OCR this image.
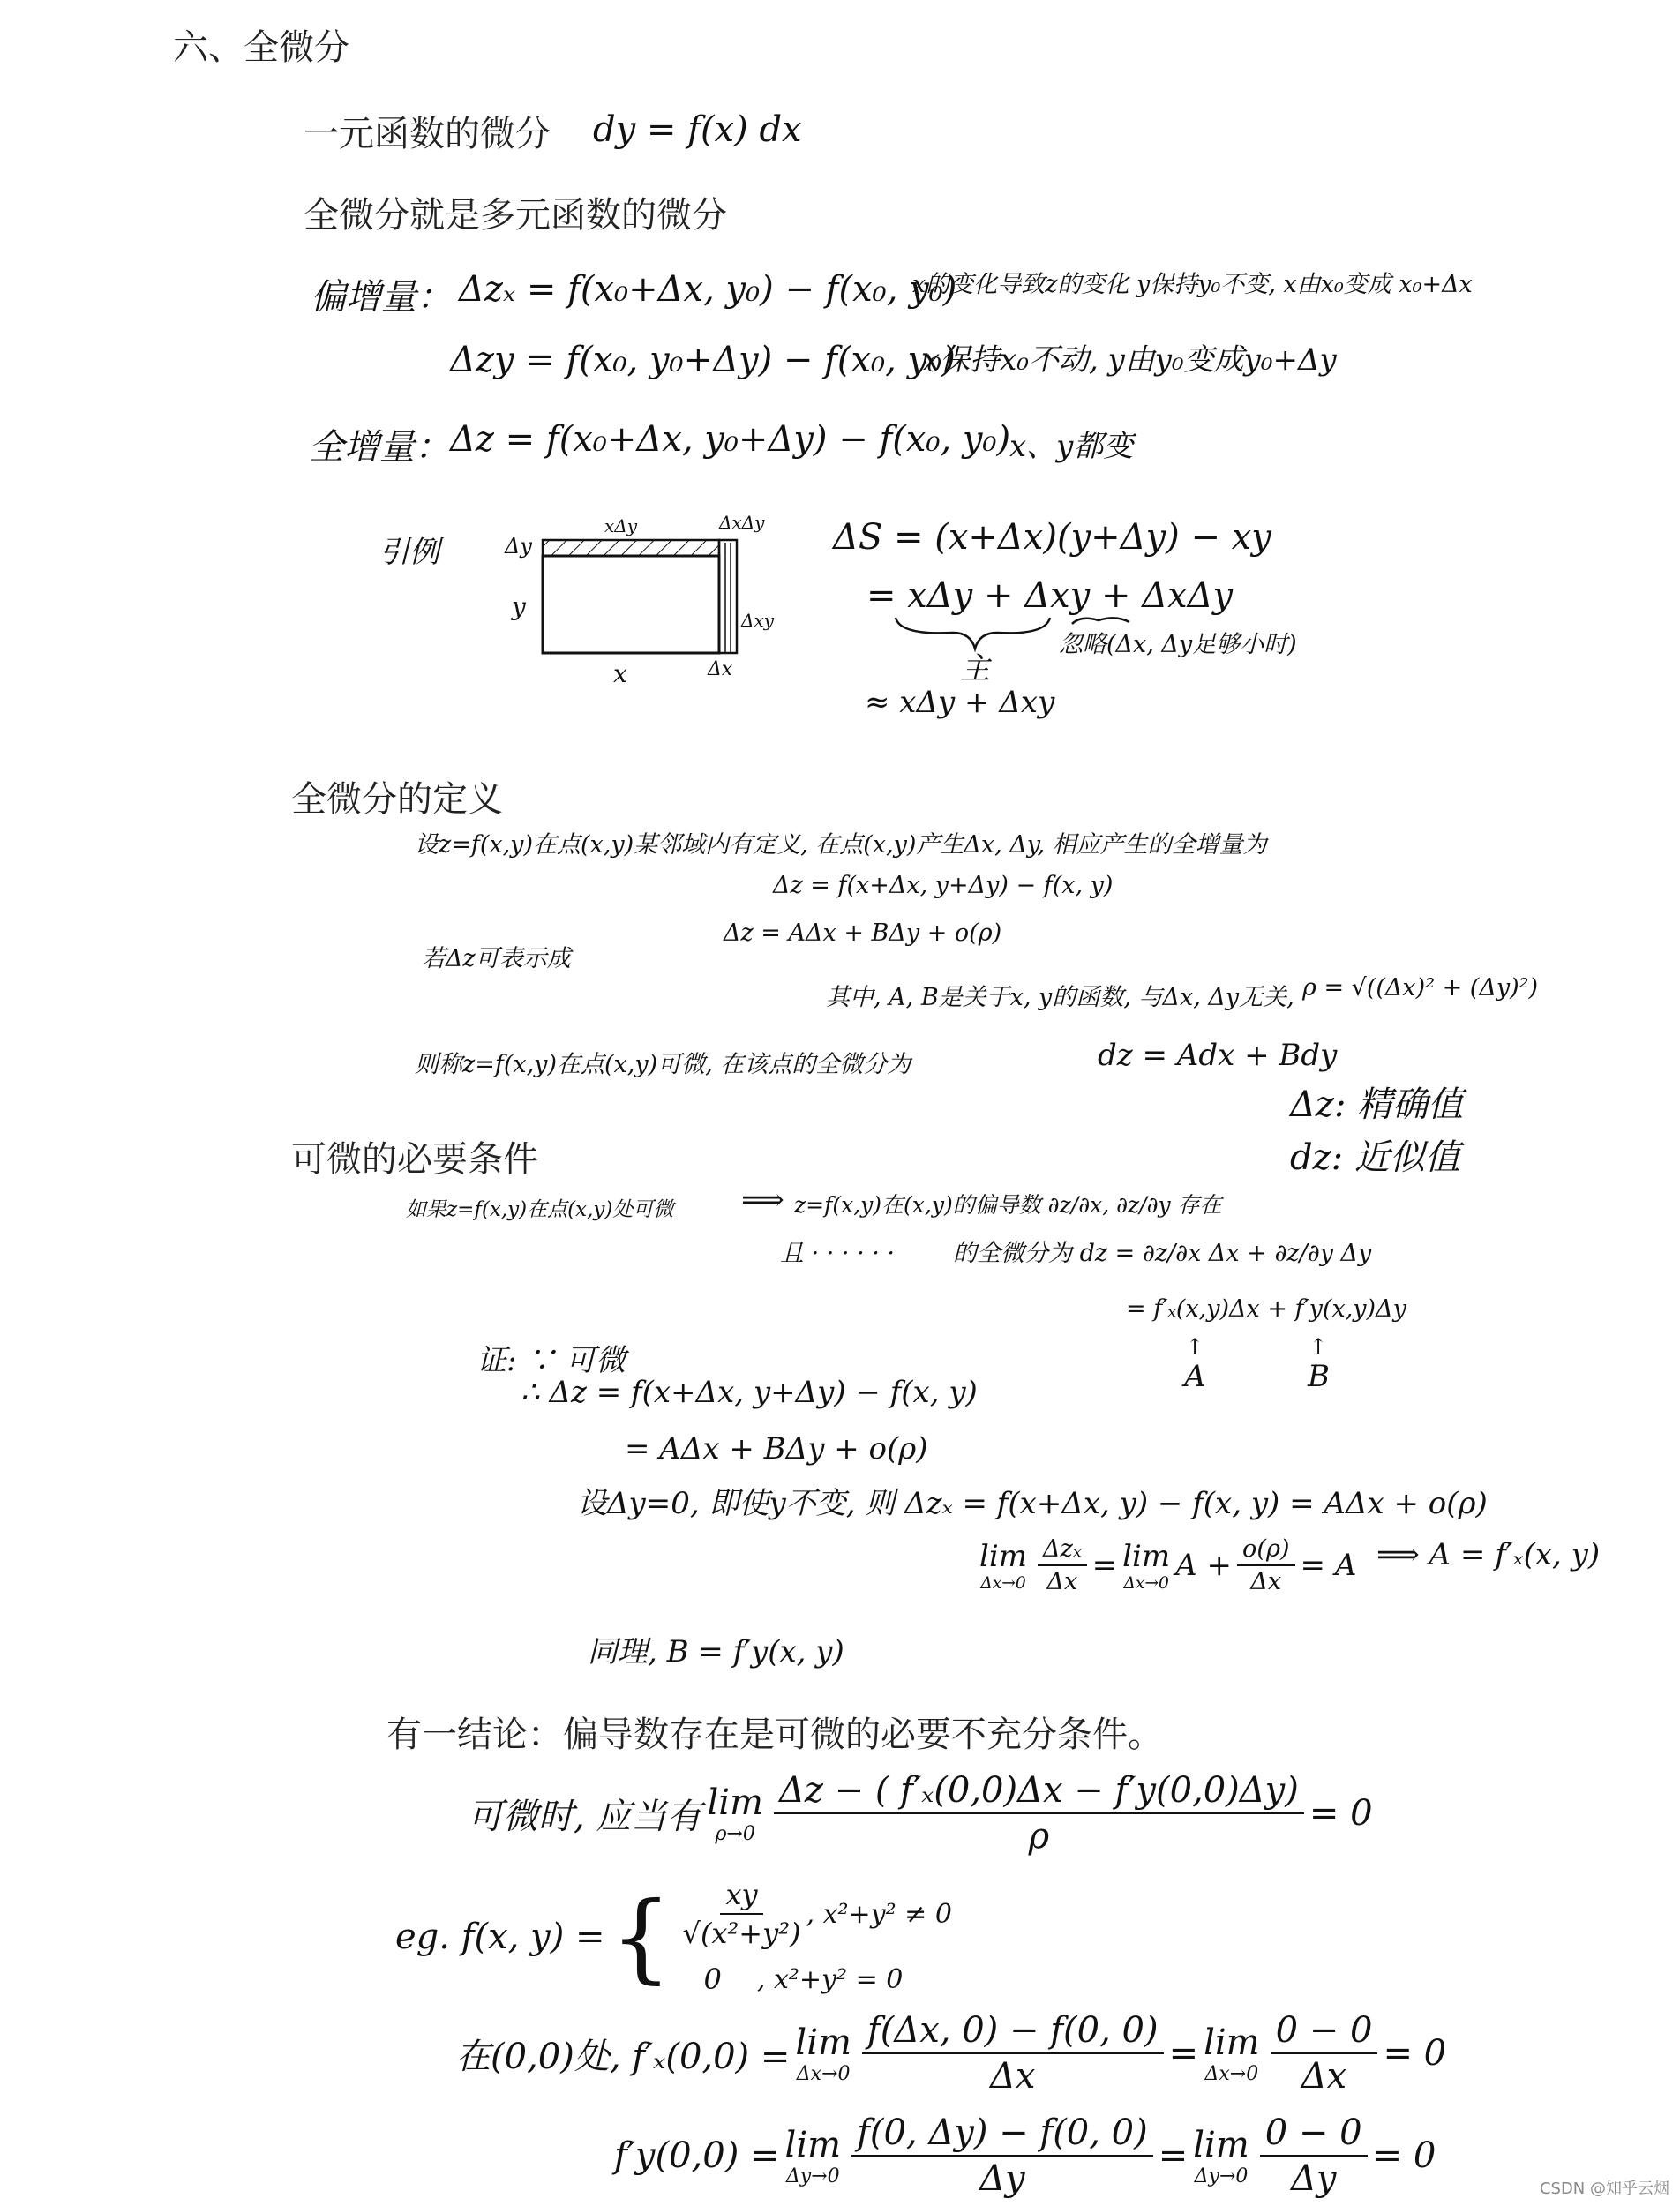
六、全微分
一元函数的微分 dy = f(x) dx
全微分就是多元函数的微分
偏增量： Δzₓ = f(x₀+Δx, y₀) − f(x₀, y₀)
x的变化导致z的变化 y保持y₀不变, x由x₀变成 x₀+Δx
Δzy = f(x₀, y₀+Δy) − f(x₀, y₀)
x保持x₀不动, y由y₀变成y₀+Δy
全增量： Δz = f(x₀+Δx, y₀+Δy) − f(x₀, y₀)
x、y都变
引例
xΔy	ΔxΔy
Δy
y	Δxy
x	Δx
ΔS = (x+Δx)(y+Δy) − xy
= xΔy + Δxy + ΔxΔy
主
忽略(Δx, Δy足够小时)
≈ xΔy + Δxy
全微分的定义
设z=f(x,y)在点(x,y)某邻域内有定义, 在点(x,y)产生Δx, Δy, 相应产生的全增量为
Δz = f(x+Δx, y+Δy) − f(x, y)
若Δz可表示成
Δz = AΔx + BΔy + o(ρ)
其中, A, B是关于x, y的函数, 与Δx, Δy无关, ρ = √((Δx)² + (Δy)²)
则称z=f(x,y)在点(x,y)可微, 在该点的全微分为	dz = Adx + Bdy
Δz: 精确值
dz: 近似值
可微的必要条件
如果z=f(x,y)在点(x,y)处可微 ⟹ z=f(x,y)在(x,y)的偏导数 ∂z/∂x, ∂z/∂y 存在
且 · · · · · · 的全微分为 dz = ∂z/∂x Δx + ∂z/∂y Δy
= f′ₓ(x,y)Δx + f′y(x,y)Δy
↑
A
↑
B
证: ∵ 可微
∴ Δz = f(x+Δx, y+Δy) − f(x, y)
= AΔx + BΔy + o(ρ)
设Δy=0, 即使y不变, 则 Δzₓ = f(x+Δx, y) − f(x, y) = AΔx + o(ρ)
lim
$\Delta x\to 0 \frac{\text{Δzₓ}}{\Delta x} = \lim$
Δx→0 $A + \frac{o(\rho)}{\Delta x} = A$ ⟹ A = f′ₓ(x, y)
同理, B = f′y(x, y)
有一结论：偏导数存在是可微的必要不充分条件。
可微时, 应当有 lim
$\rho\to 0 \frac{\text{Δz − ( f′ₓ(0,0)Δx − f′y(0,0)Δy)}}{\rho} = 0$
eg. f(x, y) = { $\frac{xy}{\text{√(x²+y²)}}$ , x²+y² ≠ 0
0 , x²+y² = 0
在(0,0)处, f′ₓ(0,0) = lim
$\Delta x\to 0 \frac{f(\Delta x, 0) - f(0, 0)}{\Delta x} = \lim$
$\Delta x\to 0 \frac{0 - 0}{\Delta x} = 0$
f′y(0,0) = lim
$\Delta y\to 0 \frac{f(0, \Delta y) - f(0, 0)}{\Delta y} = \lim$
$\Delta y\to 0 \frac{0 - 0}{\Delta y} = 0$
CSDN @知乎云烟
